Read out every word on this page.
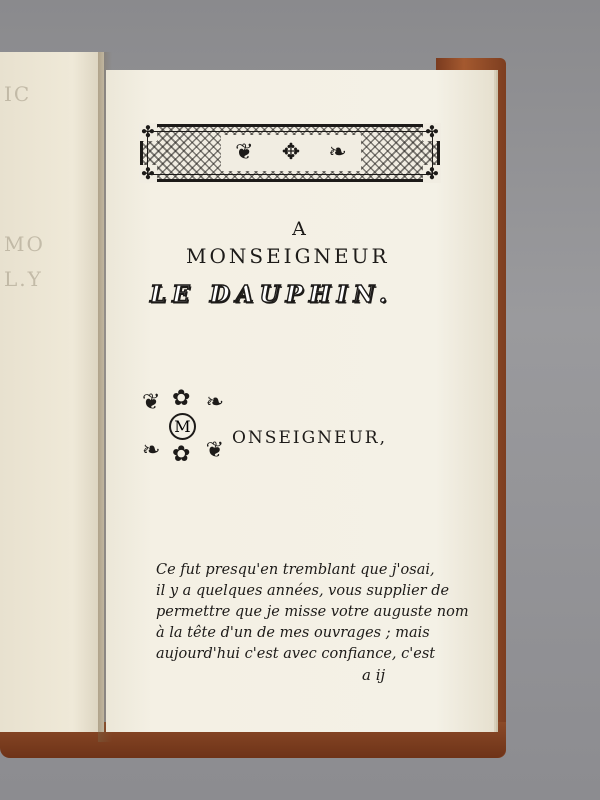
IC
MO
L.Y
✤	✤
✤	✤
❦ ✥ ❧
A
MONSEIGNEUR
LE DAUPHIN.
❦ ✿ ❧
❧ ✿ ❦
M
ONSEIGNEUR,
Ce fut presqu'en tremblant que j'osai,
il y a quelques années, vous supplier de
permettre que je misse votre auguste nom
à la tête d'un de mes ouvrages ; mais
aujourd'hui c'est avec confiance, c'est
a ij
